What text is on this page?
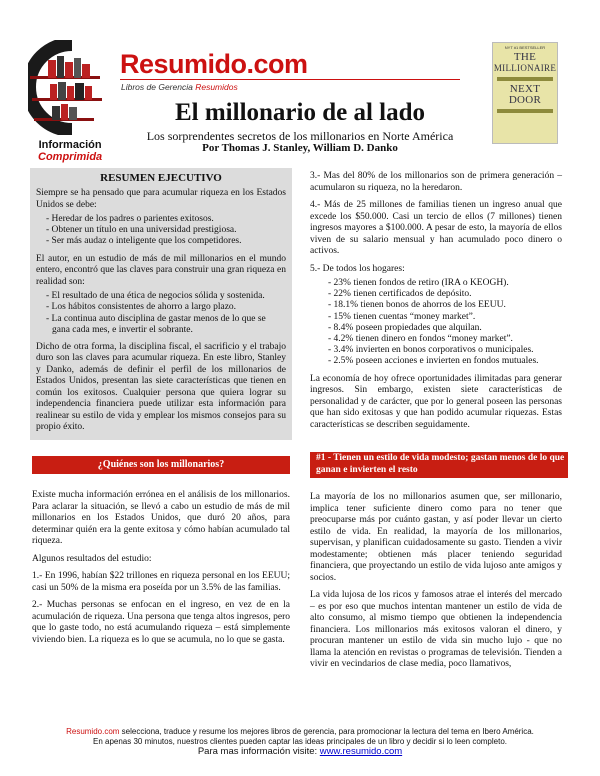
Resumido.com
Libros de Gerencia Resumidos
Información
Comprimida
El millonario de al lado
Los sorprendentes secretos de los millonarios en Norte América
Por Thomas J. Stanley, William D. Danko
NYT #1 BESTSELLER
THE
MILLIONAIRE
NEXT
DOOR
RESUMEN EJECUTIVO
Siempre se ha pensado que para acumular riqueza en los Estados Unidos se debe:
- Heredar de los padres o parientes exitosos.
- Obtener un título en una universidad prestigiosa.
- Ser más audaz o inteligente que los competidores.
El autor, en un estudio de más de mil millonarios en el mundo entero, encontró que las claves para construir una gran riqueza en realidad son:
- El resultado de una ética de negocios sólida y sostenida.
- Los hábitos consistentes de ahorro a largo plazo.
- La continua auto disciplina de gastar menos de lo que se gana cada mes, e invertir el sobrante.
Dicho de otra forma, la disciplina fiscal, el sacrificio y el trabajo duro son las claves para acumular riqueza. En este libro, Stanley y Danko, además de definir el perfil de los millonarios de Estados Unidos, presentan las siete características que tienen en común los exitosos. Cualquier persona que quiera lograr su independencia financiera puede utilizar esta información para realinear su estilo de vida y emplear los mismos consejos para su propio éxito.
¿Quiénes son los millonarios?
Existe mucha información errónea en el análisis de los millonarios. Para aclarar la situación, se llevó a cabo un estudio de más de mil millonarios en los Estados Unidos, que duró 20 años, para determinar quién era la gente exitosa y cómo habían acumulado tal riqueza.
Algunos resultados del estudio:
1.- En 1996, habían $22 trillones en riqueza personal en los EEUU; casi un 50% de la misma era poseída por un 3.5% de las familias.
2.- Muchas personas se enfocan en el ingreso, en vez de en la acumulación de riqueza. Una persona que tenga altos ingresos, pero que lo gaste todo, no está acumulando riqueza – está simplemente viviendo bien. La riqueza es lo que se acumula, no lo que se gasta.
3.- Mas del 80% de los millonarios son de primera generación – acumularon su riqueza, no la heredaron.
4.- Más de 25 millones de familias tienen un ingreso anual que excede los $50.000. Casi un tercio de ellos (7 millones) tienen ingresos mayores a $100.000. A pesar de esto, la mayoría de ellos viven de su salario mensual y han acumulado poco dinero o activos.
5.- De todos los hogares:
- 23% tienen fondos de retiro (IRA o KEOGH).
- 22% tienen certificados de depósito.
- 18.1% tienen bonos de ahorros de los EEUU.
- 15% tienen cuentas “money market”.
- 8.4% poseen propiedades que alquilan.
- 4.2% tienen dinero en fondos “money market”.
- 3.4% invierten en bonos corporativos o municipales.
- 2.5% poseen acciones e invierten en fondos mutuales.
La economía de hoy ofrece oportunidades ilimitadas para generar ingresos. Sin embargo, existen siete características de personalidad y de carácter, que por lo general poseen las personas que han sido exitosas y que han podido acumular riquezas. Estas características se describen seguidamente.
#1 - Tienen un estilo de vida modesto; gastan menos de lo que ganan e invierten el resto
La mayoría de los no millonarios asumen que, ser millonario, implica tener suficiente dinero como para no tener que preocuparse más por cuánto gastan, y así poder llevar un cierto estilo de vida. En realidad, la mayoría de los millonarios, supervisan, y planifican cuidadosamente su gasto. Tienden a vivir modestamente; obtienen más placer teniendo seguridad financiera, que proyectando un estilo de vida lujoso ante amigos y socios.
La vida lujosa de los ricos y famosos atrae el interés del mercado – es por eso que muchos intentan mantener un estilo de vida de alto consumo, al mismo tiempo que obtienen la independencia financiera. Los millonarios más exitosos valoran el dinero, y procuran mantener un estilo de vida sin mucho lujo - que no llama la atención en revistas o programas de televisión. Tienden a vivir en vecindarios de clase media, poco llamativos,
Resumido.com selecciona, traduce y resume los mejores libros de gerencia, para promocionar la lectura del tema en Ibero América.
En apenas 30 minutos, nuestros clientes pueden captar las ideas principales de un libro y decidir si lo leen completo.
Para mas información visite: www.resumido.com
